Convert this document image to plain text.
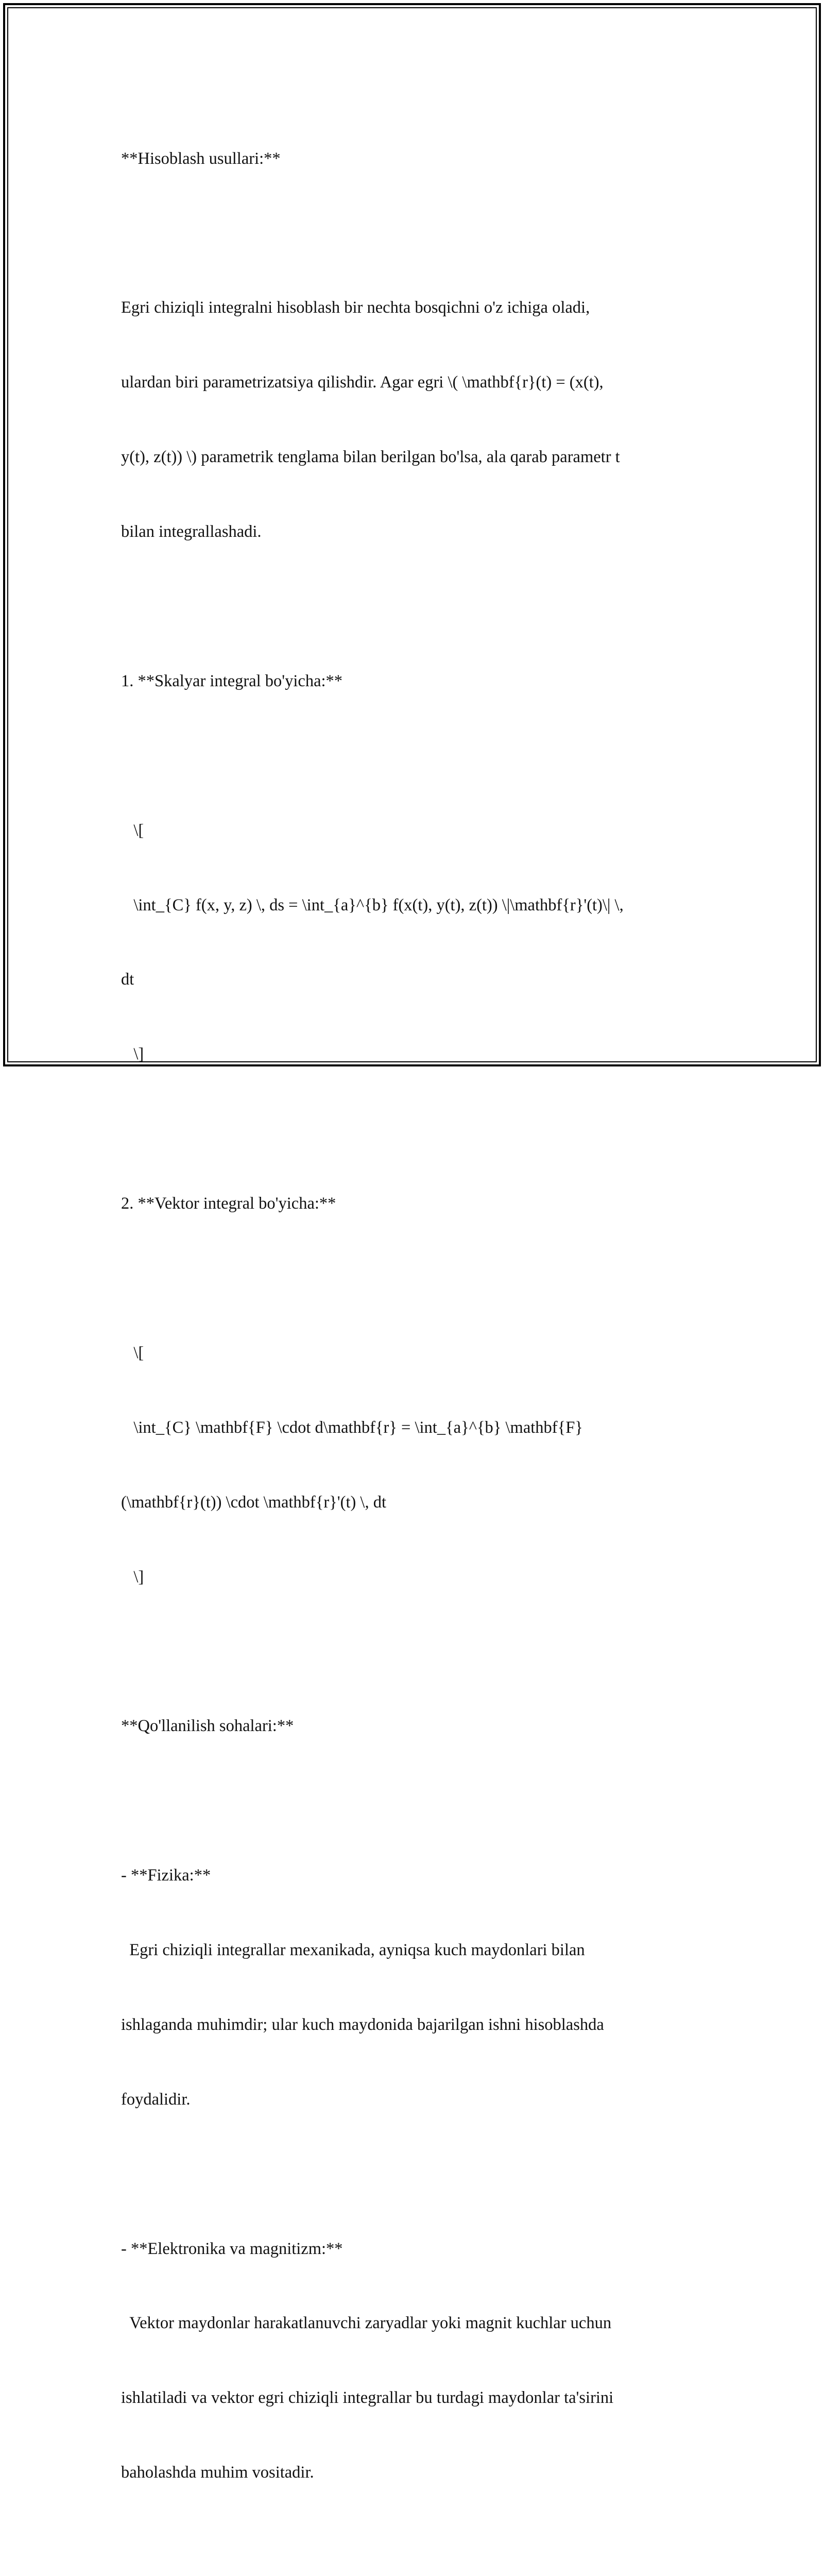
**Hisoblash usullari:**

Egri chiziqli integralni hisoblash bir nechta bosqichni o'z ichiga oladi,

ulardan biri parametrizatsiya qilishdir. Agar egri \( \mathbf{r}(t) = (x(t),

y(t), z(t)) \) parametrik tenglama bilan berilgan bo'lsa, ala qarab parametr t

bilan integrallashadi.

1. **Skalyar integral bo'yicha:**

\[

\int_{C} f(x, y, z) \, ds = \int_{a}^{b} f(x(t), y(t), z(t)) \|\mathbf{r}'(t)\| \,

dt

\]

2. **Vektor integral bo'yicha:**

\[

\int_{C} \mathbf{F} \cdot d\mathbf{r} = \int_{a}^{b} \mathbf{F}

(\mathbf{r}(t)) \cdot \mathbf{r}'(t) \, dt

\]

**Qo'llanilish sohalari:**

- **Fizika:**

Egri chiziqli integrallar mexanikada, ayniqsa kuch maydonlari bilan

ishlaganda muhimdir; ular kuch maydonida bajarilgan ishni hisoblashda

foydalidir.

- **Elektronika va magnitizm:**

Vektor maydonlar harakatlanuvchi zaryadlar yoki magnit kuchlar uchun

ishlatiladi va vektor egri chiziqli integrallar bu turdagi maydonlar ta'sirini

baholashda muhim vositadir.
